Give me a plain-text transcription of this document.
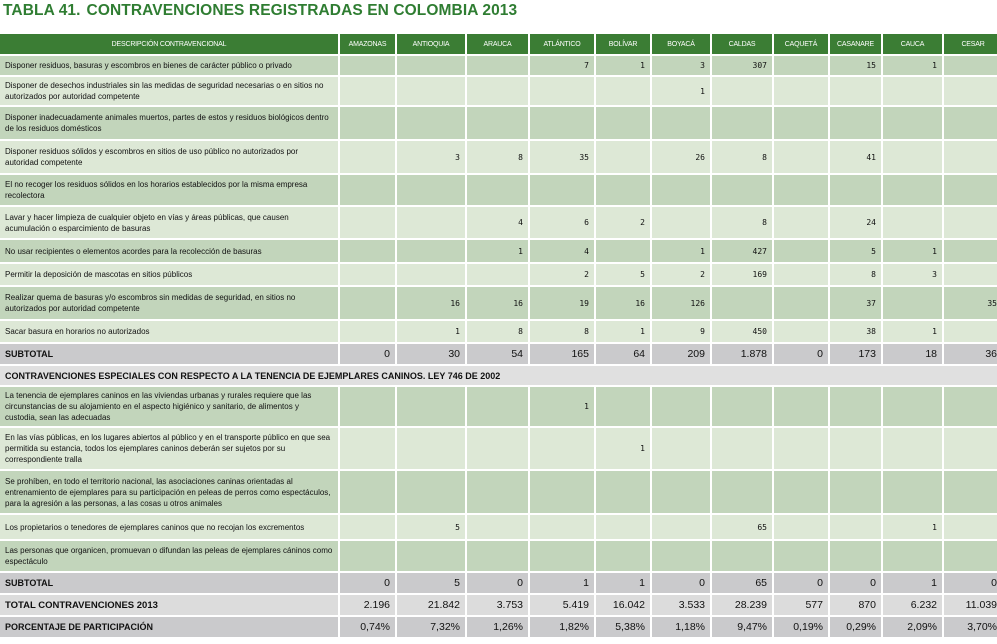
TABLA 41. CONTRAVENCIONES REGISTRADAS EN COLOMBIA 2013
DESCRIPCIÓN CONTRAVENCIONAL	AMAZONAS	ANTIOQUIA	ARAUCA	ATLÁNTICO	BOLÍVAR	BOYACÁ	CALDAS	CAQUETÁ	CASANARE	CAUCA	CESAR
Disponer residuos, basuras y escombros en bienes de carácter público o privado				7	1	3	307		15	1	
Disponer de desechos industriales sin las medidas de seguridad necesarias o en sitios no autorizados por autoridad competente						1					
Disponer inadecuadamente animales muertos, partes de estos y residuos biológicos dentro de los residuos domésticos											
Disponer residuos sólidos y escombros en sitios de uso público no autorizados por autoridad competente		3	8	35		26	8		41		
El no recoger los residuos sólidos en los horarios establecidos por la misma empresa recolectora											
Lavar y hacer limpieza de cualquier objeto en vías y áreas públicas, que causen acumulación o esparcimiento de basuras			4	6	2		8		24		
No usar recipientes o elementos acordes para la recolección de basuras			1	4		1	427		5	1	
Permitir la deposición de mascotas en sitios públicos				2	5	2	169		8	3	
Realizar quema de basuras y/o escombros sin medidas de seguridad, en sitios no autorizados por autoridad competente		16	16	19	16	126			37		35
Sacar basura en horarios no autorizados		1	8	8	1	9	450		38	1	
SUBTOTAL	0	30	54	165	64	209	1.878	0	173	18	36
CONTRAVENCIONES ESPECIALES CON RESPECTO A LA TENENCIA DE EJEMPLARES CANINOS. LEY 746 DE 2002											
La tenencia de ejemplares caninos en las viviendas urbanas y rurales requiere que las circunstancias de su alojamiento en el aspecto higiénico y sanitario, de alimentos y custodia, sean las adecuadas				1							
En las vías públicas, en los lugares abiertos al público y en el transporte público en que sea permitida su estancia, todos los ejemplares caninos deberán ser sujetos por su correspondiente tralla					1						
Se prohíben, en todo el territorio nacional, las asociaciones caninas orientadas al entrenamiento de ejemplares para su participación en peleas de perros como espectáculos, para la agresión a las personas, a las cosas u otros animales											
Los propietarios o tenedores de ejemplares caninos que no recojan los excrementos		5					65			1	
Las personas que organicen, promuevan o difundan las peleas de ejemplares cáninos como espectáculo											
SUBTOTAL	0	5	0	1	1	0	65	0	0	1	0
TOTAL CONTRAVENCIONES 2013	2.196	21.842	3.753	5.419	16.042	3.533	28.239	577	870	6.232	11.039
PORCENTAJE DE PARTICIPACIÓN	0,74%	7,32%	1,26%	1,82%	5,38%	1,18%	9,47%	0,19%	0,29%	2,09%	3,70%
